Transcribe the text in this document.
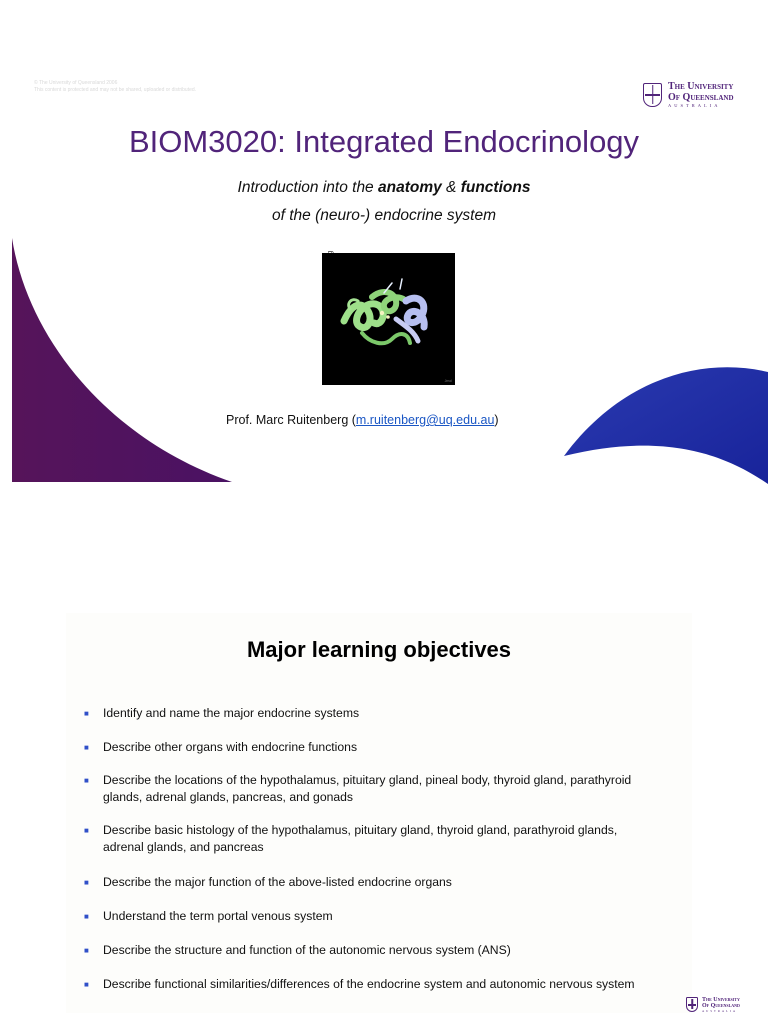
© The University of Queensland 2006
This content is protected and may not be shared, uploaded or distributed.	The University
Of Queensland
AUSTRALIA
BIOM3020: Integrated Endocrinology
Introduction into the anatomy & functions
of the (neuro-) endocrine system
Jmol
Prof. Marc Ruitenberg (m.ruitenberg@uq.edu.au)
Major learning objectives
■	Identify and name the major endocrine systems
■	Describe other organs with endocrine functions
■	Describe the locations of the hypothalamus, pituitary gland, pineal body, thyroid gland, parathyroid
glands, adrenal glands, pancreas, and gonads
■	Describe basic histology of the hypothalamus, pituitary gland, thyroid gland, parathyroid glands,
adrenal glands, and pancreas
■	Describe the major function of the above-listed endocrine organs
■	Understand the term portal venous system
■	Describe the structure and function of the autonomic nervous system (ANS)
■	Describe functional similarities/differences of the endocrine system and autonomic nervous system
The University
Of Queensland
AUSTRALIA
